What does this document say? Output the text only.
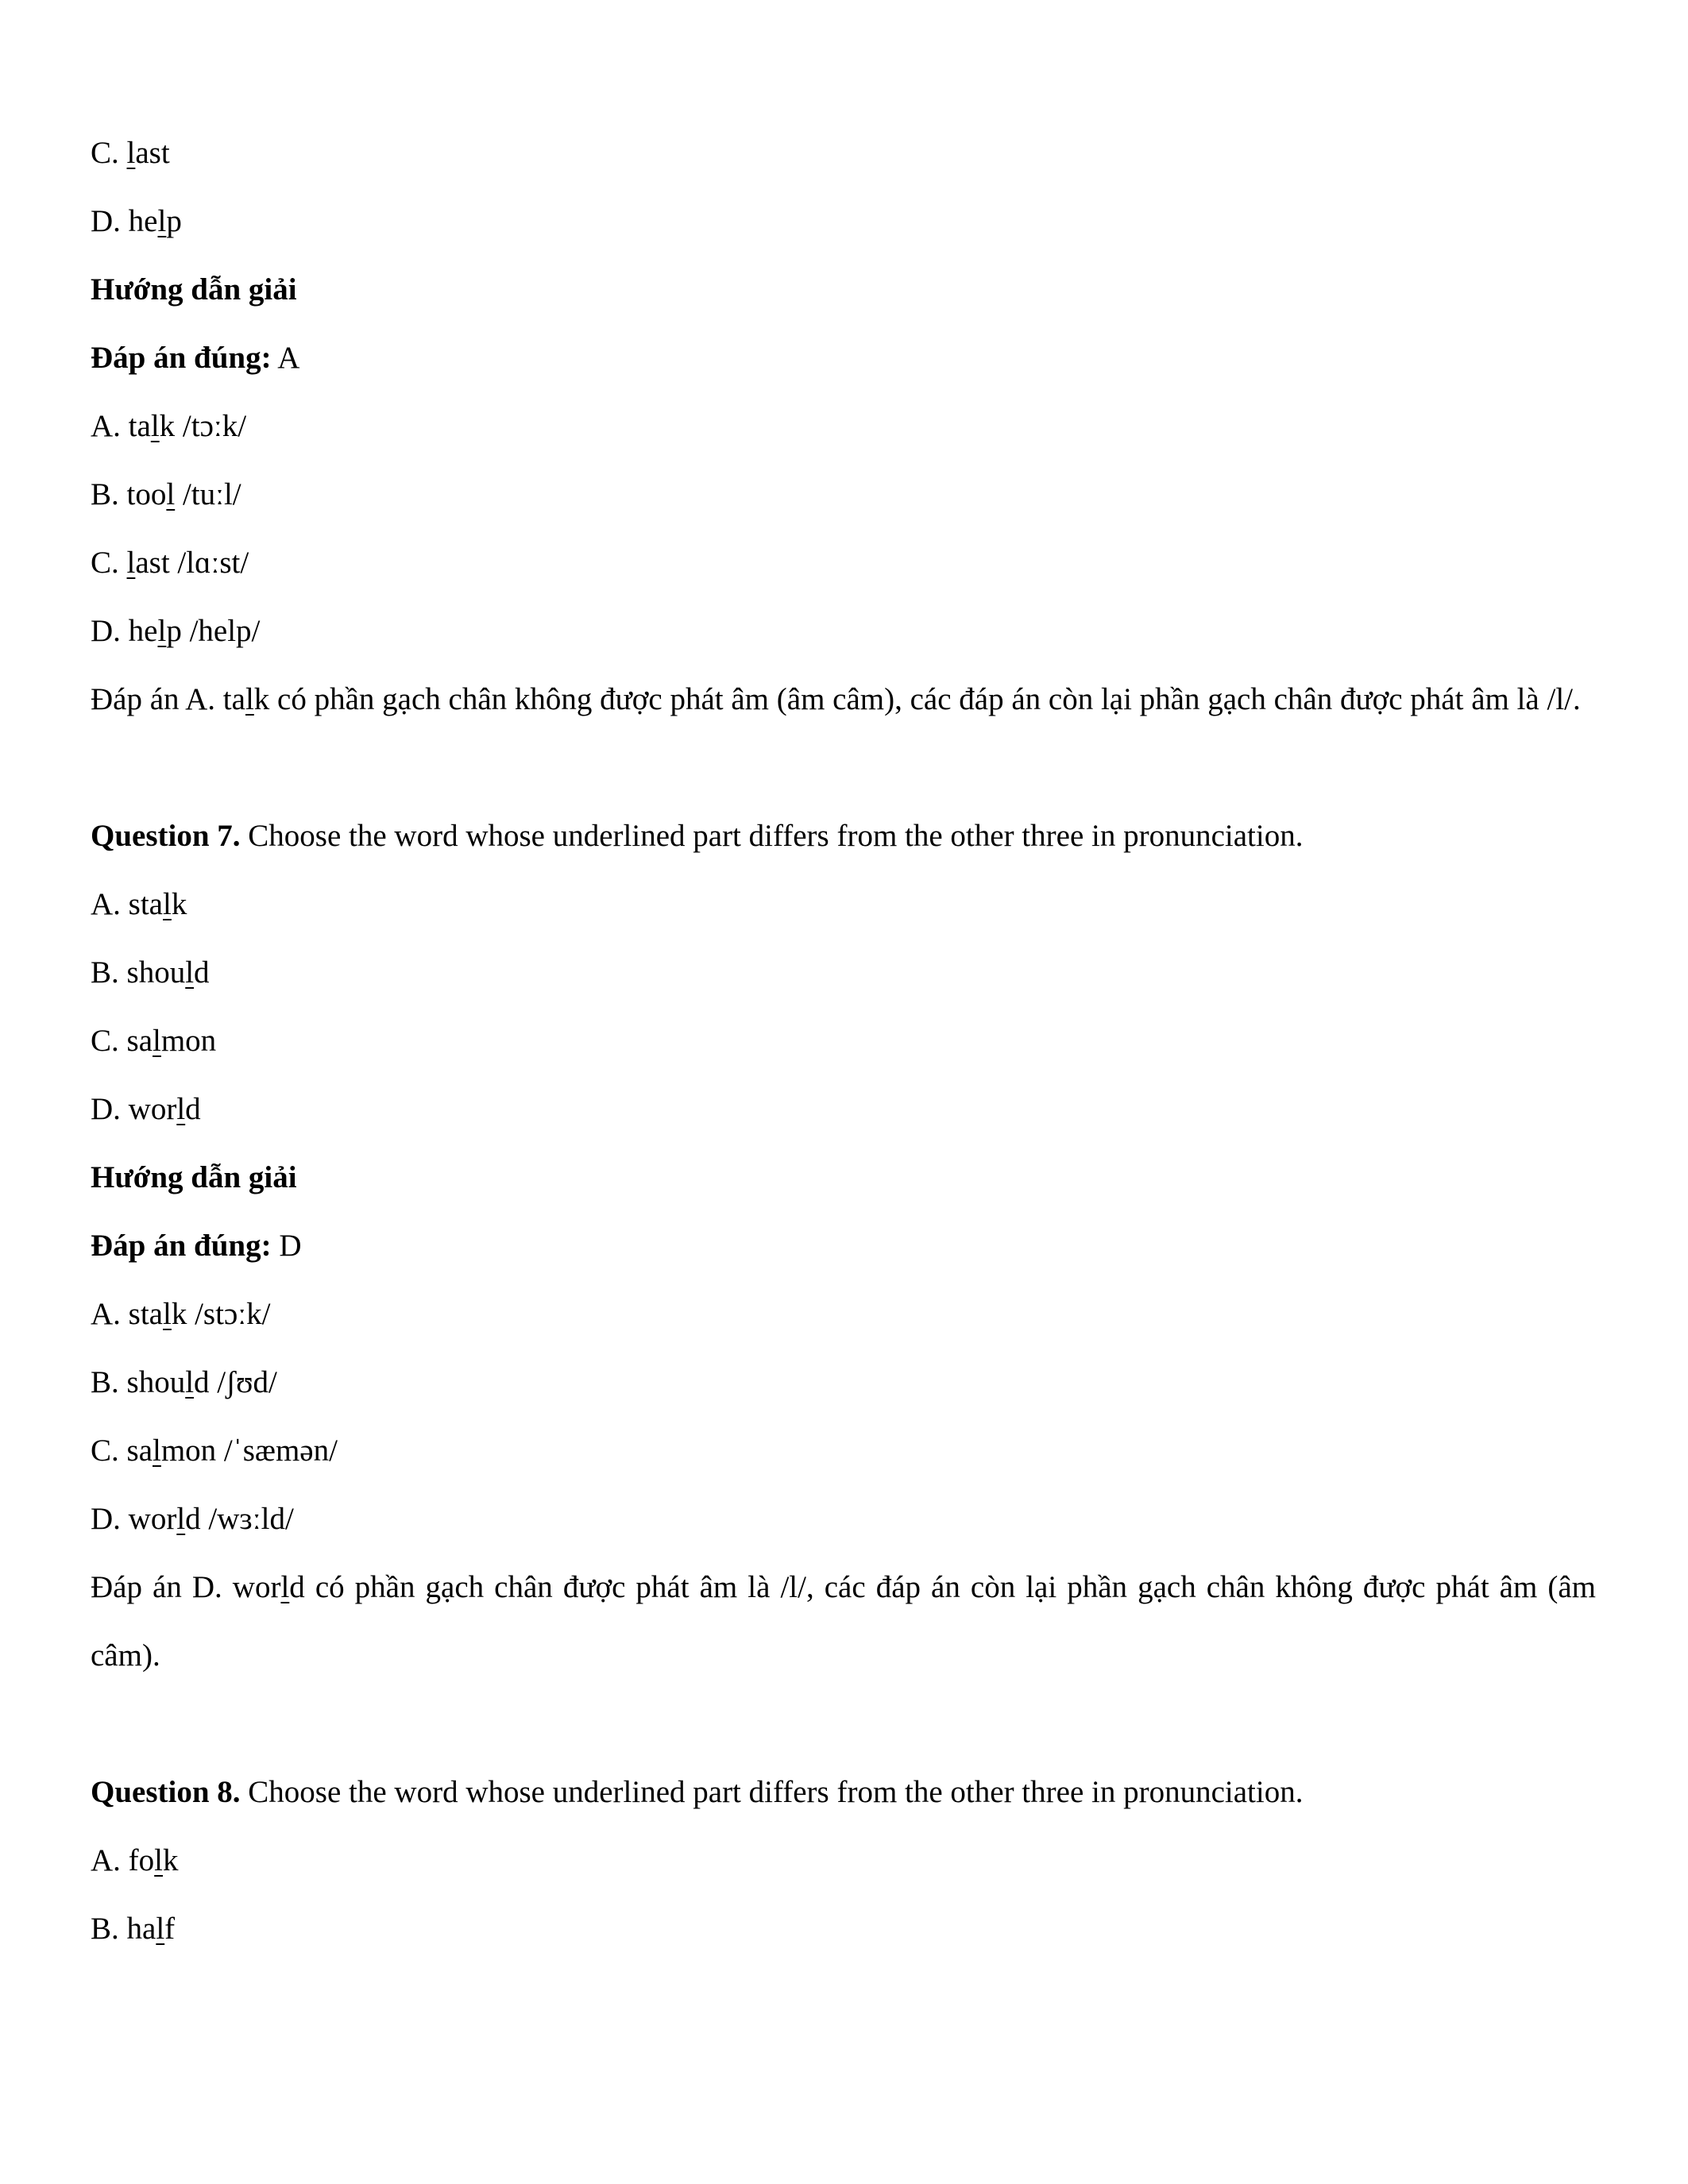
C. last
D. help
Hướng dẫn giải
Đáp án đúng: A
A. talk /tɔːk/
B. tool /tuːl/
C. last /lɑːst/
D. help /help/
Đáp án A. talk có phần gạch chân không được phát âm (âm câm), các đáp án còn lại phần gạch chân được phát âm là /l/.
Question 7. Choose the word whose underlined part differs from the other three in pronunciation.
A. stalk
B. should
C. salmon
D. world
Hướng dẫn giải
Đáp án đúng: D
A. stalk /stɔːk/
B. should /ʃʊd/
C. salmon /ˈsæmən/
D. world /wɜːld/
Đáp án D. world có phần gạch chân được phát âm là /l/, các đáp án còn lại phần gạch chân không được phát âm (âm câm).
Question 8. Choose the word whose underlined part differs from the other three in pronunciation.
A. folk
B. half
